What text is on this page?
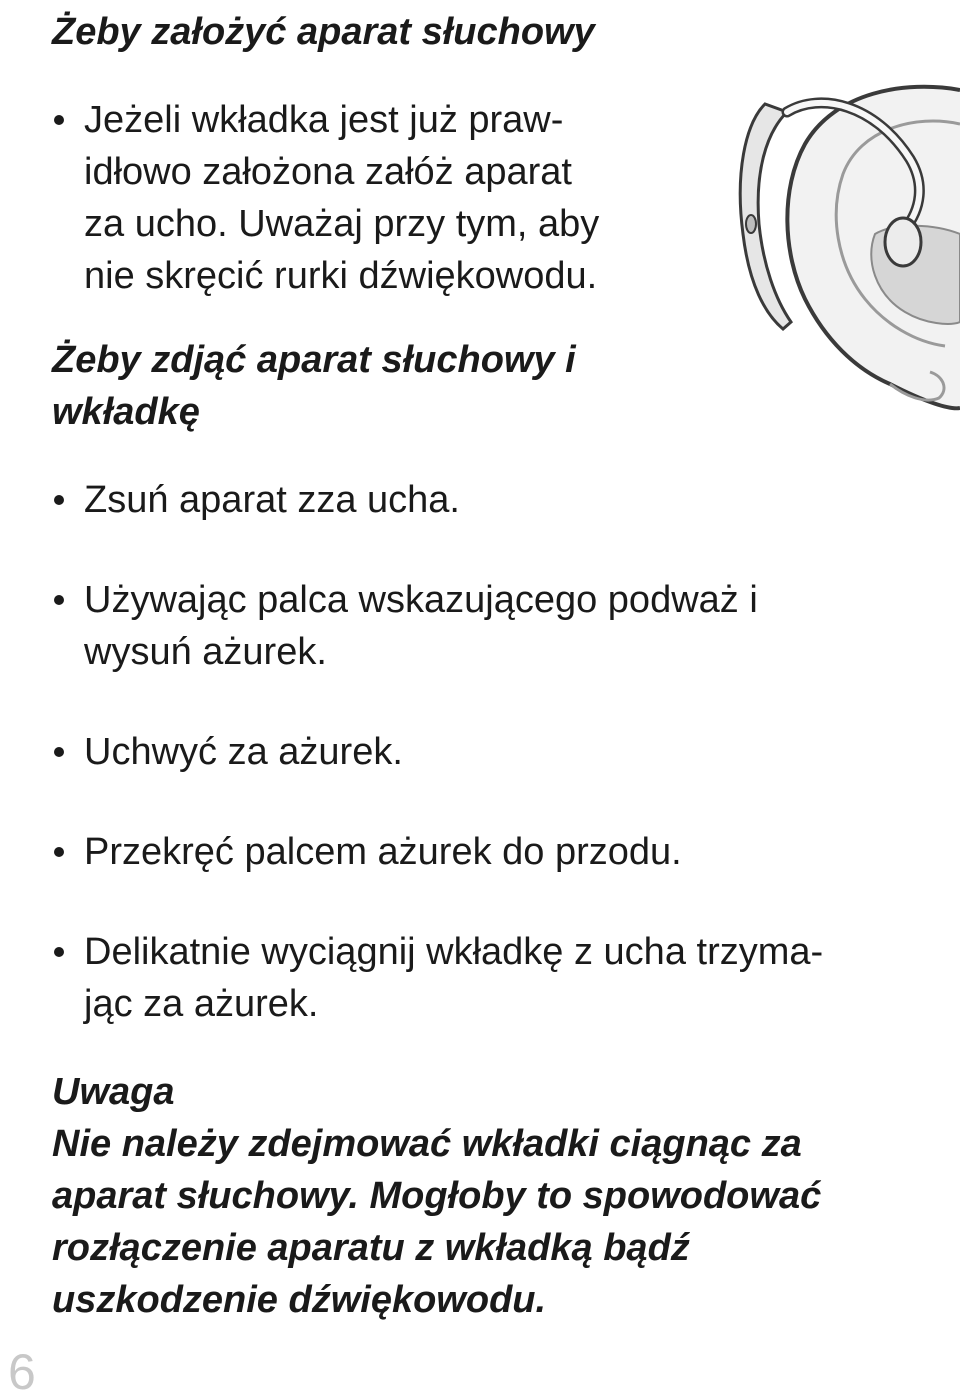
Żeby założyć aparat słuchowy
Jeżeli wkładka jest już praw-
idłowo założona załóż aparat
za ucho. Uważaj przy tym, aby
nie skręcić rurki dźwiękowodu.
Żeby zdjąć aparat słuchowy i
wkładkę
Zsuń aparat zza ucha.
Używając palca wskazującego podważ i
wysuń ażurek.
Uchwyć za ażurek.
Przekręć palcem ażurek do przodu.
Delikatnie wyciągnij wkładkę z ucha trzyma-
jąc za ażurek.
Uwaga
Nie należy zdejmować wkładki ciągnąc za
aparat słuchowy. Mogłoby to spowodować
rozłączenie aparatu z wkładką bądź
uszkodzenie dźwiękowodu.
6
